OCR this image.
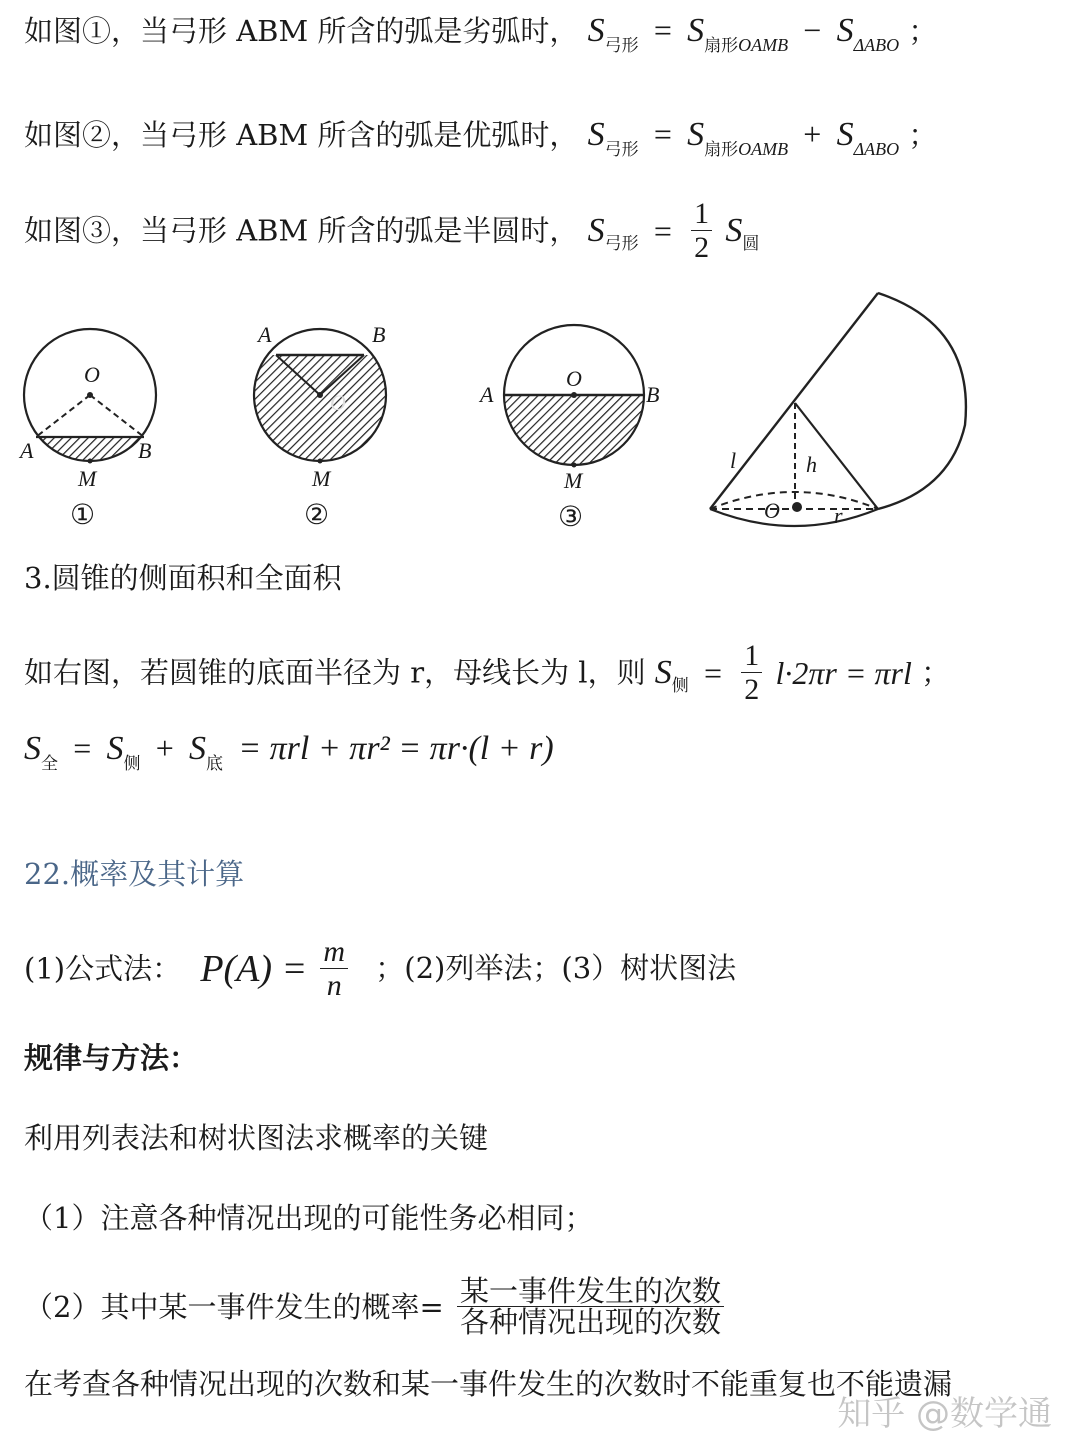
如图①，当弓形 ABM 所含的弧是劣弧时， $S_{弓形} = S_{扇形OAMB} - S_{\Delta ABO}$ ；
如图②，当弓形 ABM 所含的弧是优弧时， $S_{弓形} = S_{扇形OAMB} + S_{\Delta ABO}$ ；
如图③，当弓形 ABM 所含的弧是半圆时， $S_{弓形} = \frac{1}{2} S_圆$
O
A	B
M
①
A	B
O
M
②
O
A	B
M
③
l	h
O r
3.圆锥的侧面积和全面积
如右图，若圆锥的底面半径为 r，母线长为 l，则 $S_侧 = \frac{1}{2} l\cdot 2\pi r = \pi rl$ ；
$S_全 = S_侧 + S_底 = \pi rl + \pi r^2 = \pi r\cdot(l + r)$
22.概率及其计算
(1)公式法： $P(A) = \frac{m}{n}$ ；(2)列举法；(3）树状图法
规律与方法：
利用列表法和树状图法求概率的关键
（1）注意各种情况出现的可能性务必相同；
（2）其中某一事件发生的概率= $\frac{\text{某一事件发生的次数}}{\text{各种情况出现的次数}}$
在考查各种情况出现的次数和某一事件发生的次数时不能重复也不能遗漏
知乎 @数学通
